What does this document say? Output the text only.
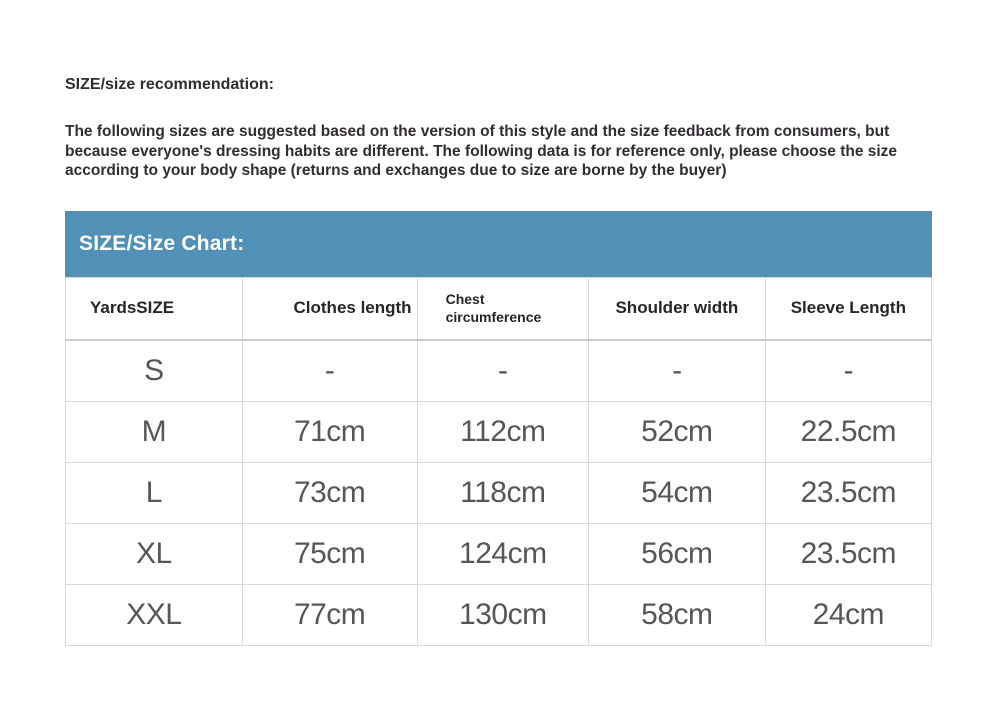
SIZE/size recommendation:

The following sizes are suggested based on the version of this style and the size feedback from consumers, but because everyone's dressing habits are different. The following data is for reference only, please choose the size according to your body shape (returns and exchanges due to size are borne by the buyer)

SIZE/Size Chart:
YardsSIZE	Clothes length	Chest circumference	Shoulder width	Sleeve Length
S	-	-	-	-
M	71cm	112cm	52cm	22.5cm
L	73cm	118cm	54cm	23.5cm
XL	75cm	124cm	56cm	23.5cm
XXL	77cm	130cm	58cm	24cm
